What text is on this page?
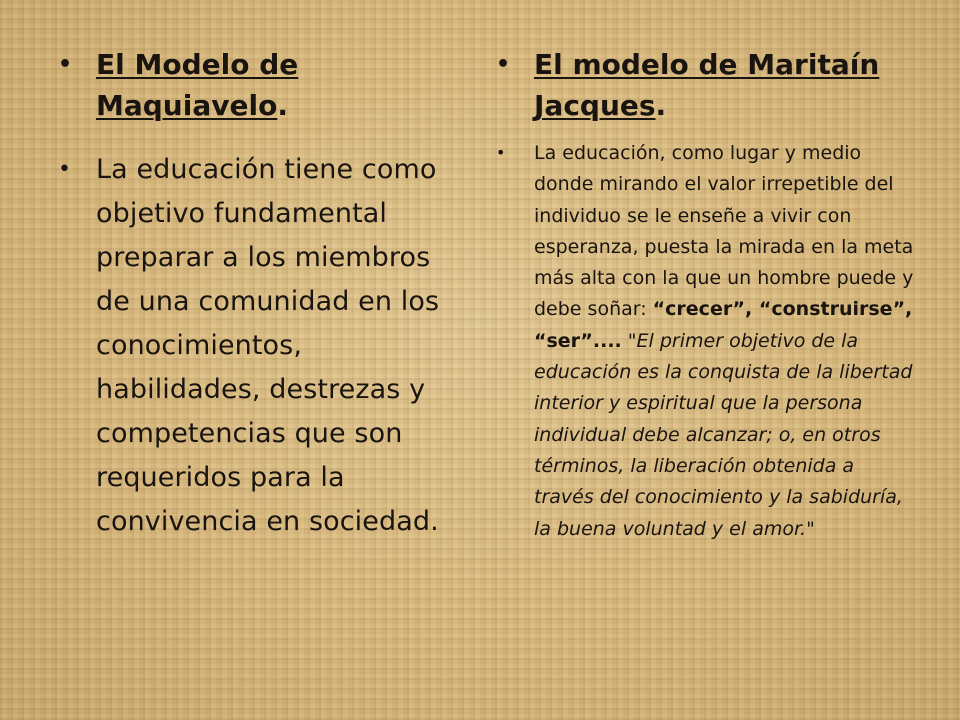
• El Modelo de Maquiavelo.
• La educación tiene como objetivo fundamental preparar a los miembros de una comunidad en los conocimientos, habilidades, destrezas y competencias que son requeridos para la convivencia en sociedad.
• El modelo de Maritaín Jacques.
• La educación, como lugar y medio donde mirando el valor irrepetible del individuo se le enseñe a vivir con esperanza, puesta la mirada en la meta más alta con la que un hombre puede y debe soñar: “crecer”, “construirse”, “ser”.... "El primer objetivo de la educación es la conquista de la libertad interior y espiritual que la persona individual debe alcanzar; o, en otros términos, la liberación obtenida a través del conocimiento y la sabiduría, la buena voluntad y el amor."
